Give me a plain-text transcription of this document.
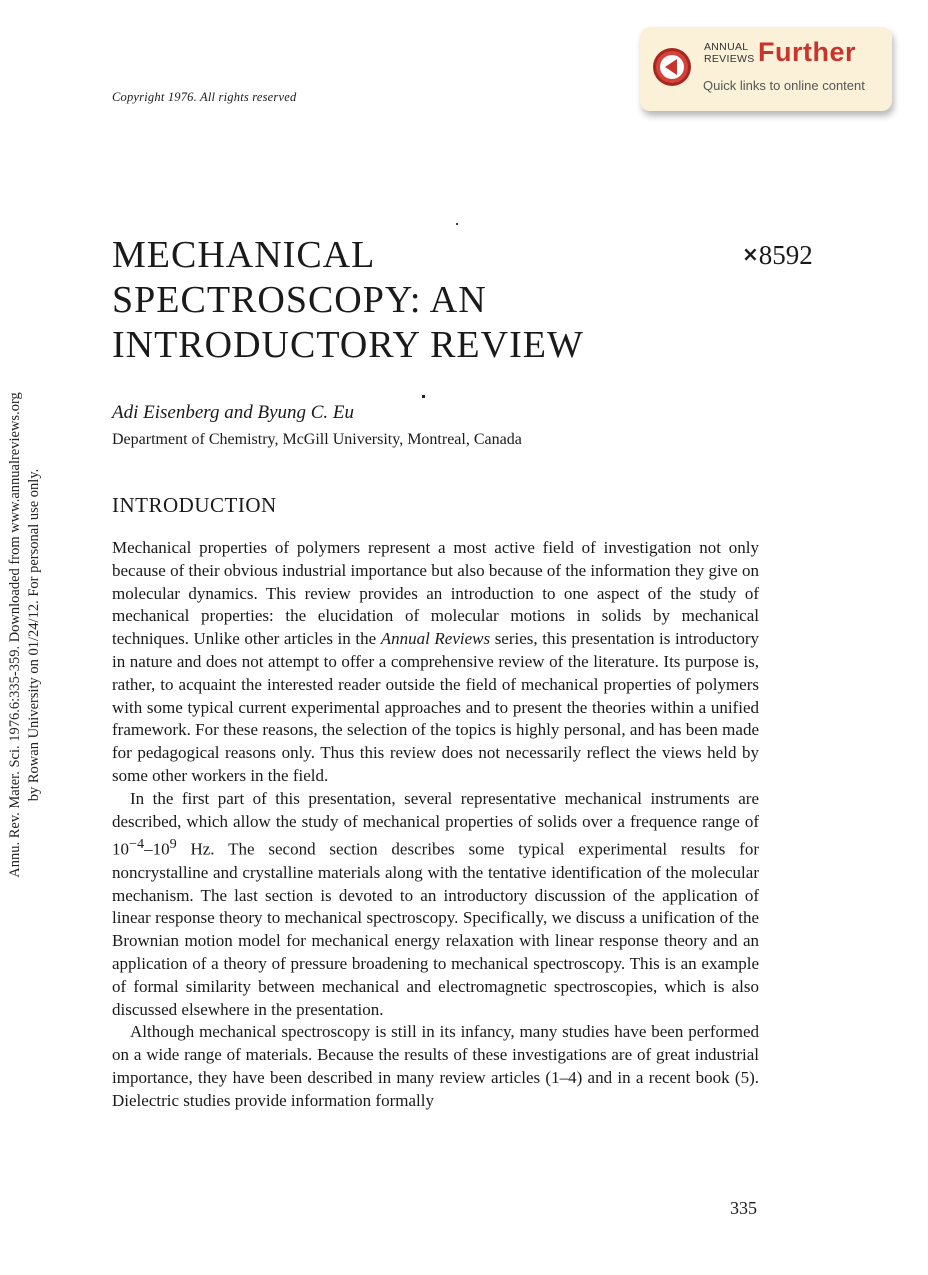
Annu. Rev. Mater. Sci. 1976.6:335-359. Downloaded from www.annualreviews.org by Rowan University on 01/24/12. For personal use only.
Copyright 1976. All rights reserved
ANNUAL
REVIEWS Further
Quick links to online content
MECHANICAL
SPECTROSCOPY: AN
INTRODUCTORY REVIEW
×8592
Adi Eisenberg and Byung C. Eu
Department of Chemistry, McGill University, Montreal, Canada
INTRODUCTION

Mechanical properties of polymers represent a most active field of investigation not only because of their obvious industrial importance but also because of the information they give on molecular dynamics. This review provides an introduction to one aspect of the study of mechanical properties: the elucidation of molecular motions in solids by mechanical techniques. Unlike other articles in the Annual Reviews series, this presentation is introductory in nature and does not attempt to offer a comprehensive review of the literature. Its purpose is, rather, to acquaint the interested reader outside the field of mechanical properties of polymers with some typical current experimental approaches and to present the theories within a unified framework. For these reasons, the selection of the topics is highly personal, and has been made for pedagogical reasons only. Thus this review does not necessarily reflect the views held by some other workers in the field.

In the first part of this presentation, several representative mechanical instruments are described, which allow the study of mechanical properties of solids over a frequence range of $10^{-4}-10^9$ Hz. The second section describes some typical experimental results for noncrystalline and crystalline materials along with the tentative identification of the molecular mechanism. The last section is devoted to an introductory discussion of the application of linear response theory to mechanical spectroscopy. Specifically, we discuss a unification of the Brownian motion model for mechanical energy relaxation with linear response theory and an application of a theory of pressure broadening to mechanical spectroscopy. This is an example of formal similarity between mechanical and electromagnetic spectroscopies, which is also discussed elsewhere in the presentation.

Although mechanical spectroscopy is still in its infancy, many studies have been performed on a wide range of materials. Because the results of these investigations are of great industrial importance, they have been described in many review articles (1–4) and in a recent book (5). Dielectric studies provide information formally

335
